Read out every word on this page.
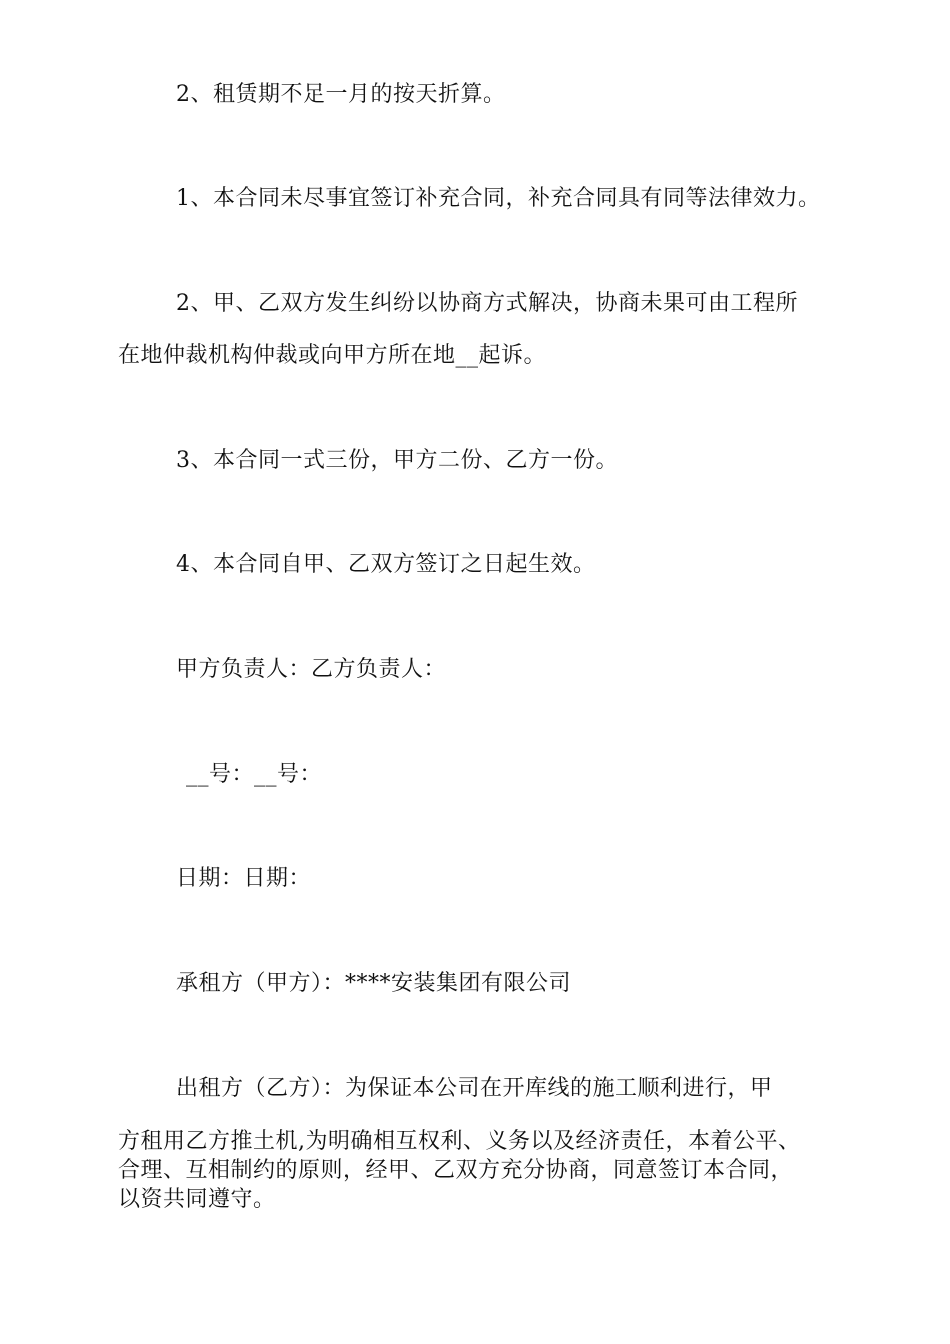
2、租赁期不足一月的按天折算。

1、本合同未尽事宜签订补充合同，补充合同具有同等法律效力。

2、甲、乙双方发生纠纷以协商方式解决，协商未果可由工程所

在地仲裁机构仲裁或向甲方所在地__起诉。

3、本合同一式三份，甲方二份、乙方一份。

4、本合同自甲、乙双方签订之日起生效。

甲方负责人：乙方负责人：

__号：__号：

日期：日期：

承租方（甲方）：****安装集团有限公司

出租方（乙方）：为保证本公司在开库线的施工顺利进行，甲

方租用乙方推土机,为明确相互权利、义务以及经济责任，本着公平、

合理、互相制约的原则，经甲、乙双方充分协商，同意签订本合同，

以资共同遵守。
